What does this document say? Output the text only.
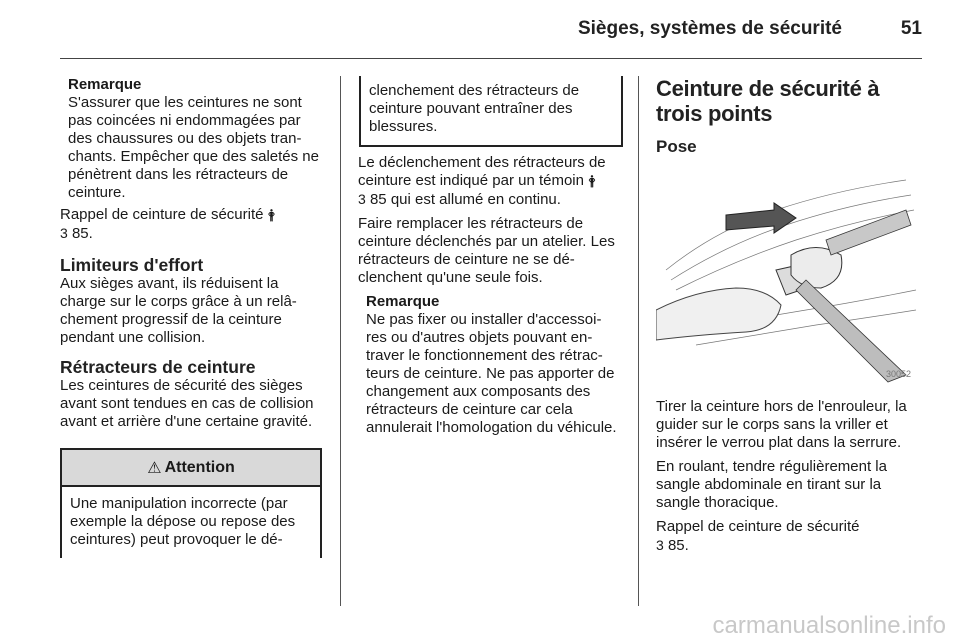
Sièges, systèmes de sécurité	51

Remarque

S'assurer que les ceintures ne sont pas coincées ni endommagées par des chaussures ou des objets tran- chants. Empêcher que des saletés ne pénètrent dans les rétracteurs de ceinture.

Rappel de ceinture de sécurité 🛉
3 85.

Limiteurs d'effort

Aux sièges avant, ils réduisent la charge sur le corps grâce à un relâ- chement progressif de la ceinture pendant une collision.

Rétracteurs de ceinture

Les ceintures de sécurité des sièges avant sont tendues en cas de collision avant et arrière d'une certaine gravité.

⚠ Attention
Une manipulation incorrecte (par exemple la dépose ou repose des ceintures) peut provoquer le dé-
clenchement des rétracteurs de ceinture pouvant entraîner des blessures.

Le déclenchement des rétracteurs de ceinture est indiqué par un témoin 🛉
3 85 qui est allumé en continu.

Faire remplacer les rétracteurs de ceinture déclenchés par un atelier. Les rétracteurs de ceinture ne se dé- clenchent qu'une seule fois.

Remarque

Ne pas fixer ou installer d'accessoi- res ou d'autres objets pouvant en- traver le fonctionnement des rétrac- teurs de ceinture. Ne pas apporter de changement aux composants des rétracteurs de ceinture car cela annulerait l'homologation du véhicule.

Ceinture de sécurité à trois points

Pose

30052

Tirer la ceinture hors de l'enrouleur, la guider sur le corps sans la vriller et insérer le verrou plat dans la serrure.

En roulant, tendre régulièrement la sangle abdominale en tirant sur la sangle thoracique.

Rappel de ceinture de sécurité
3 85.

carmanualsonline.info
